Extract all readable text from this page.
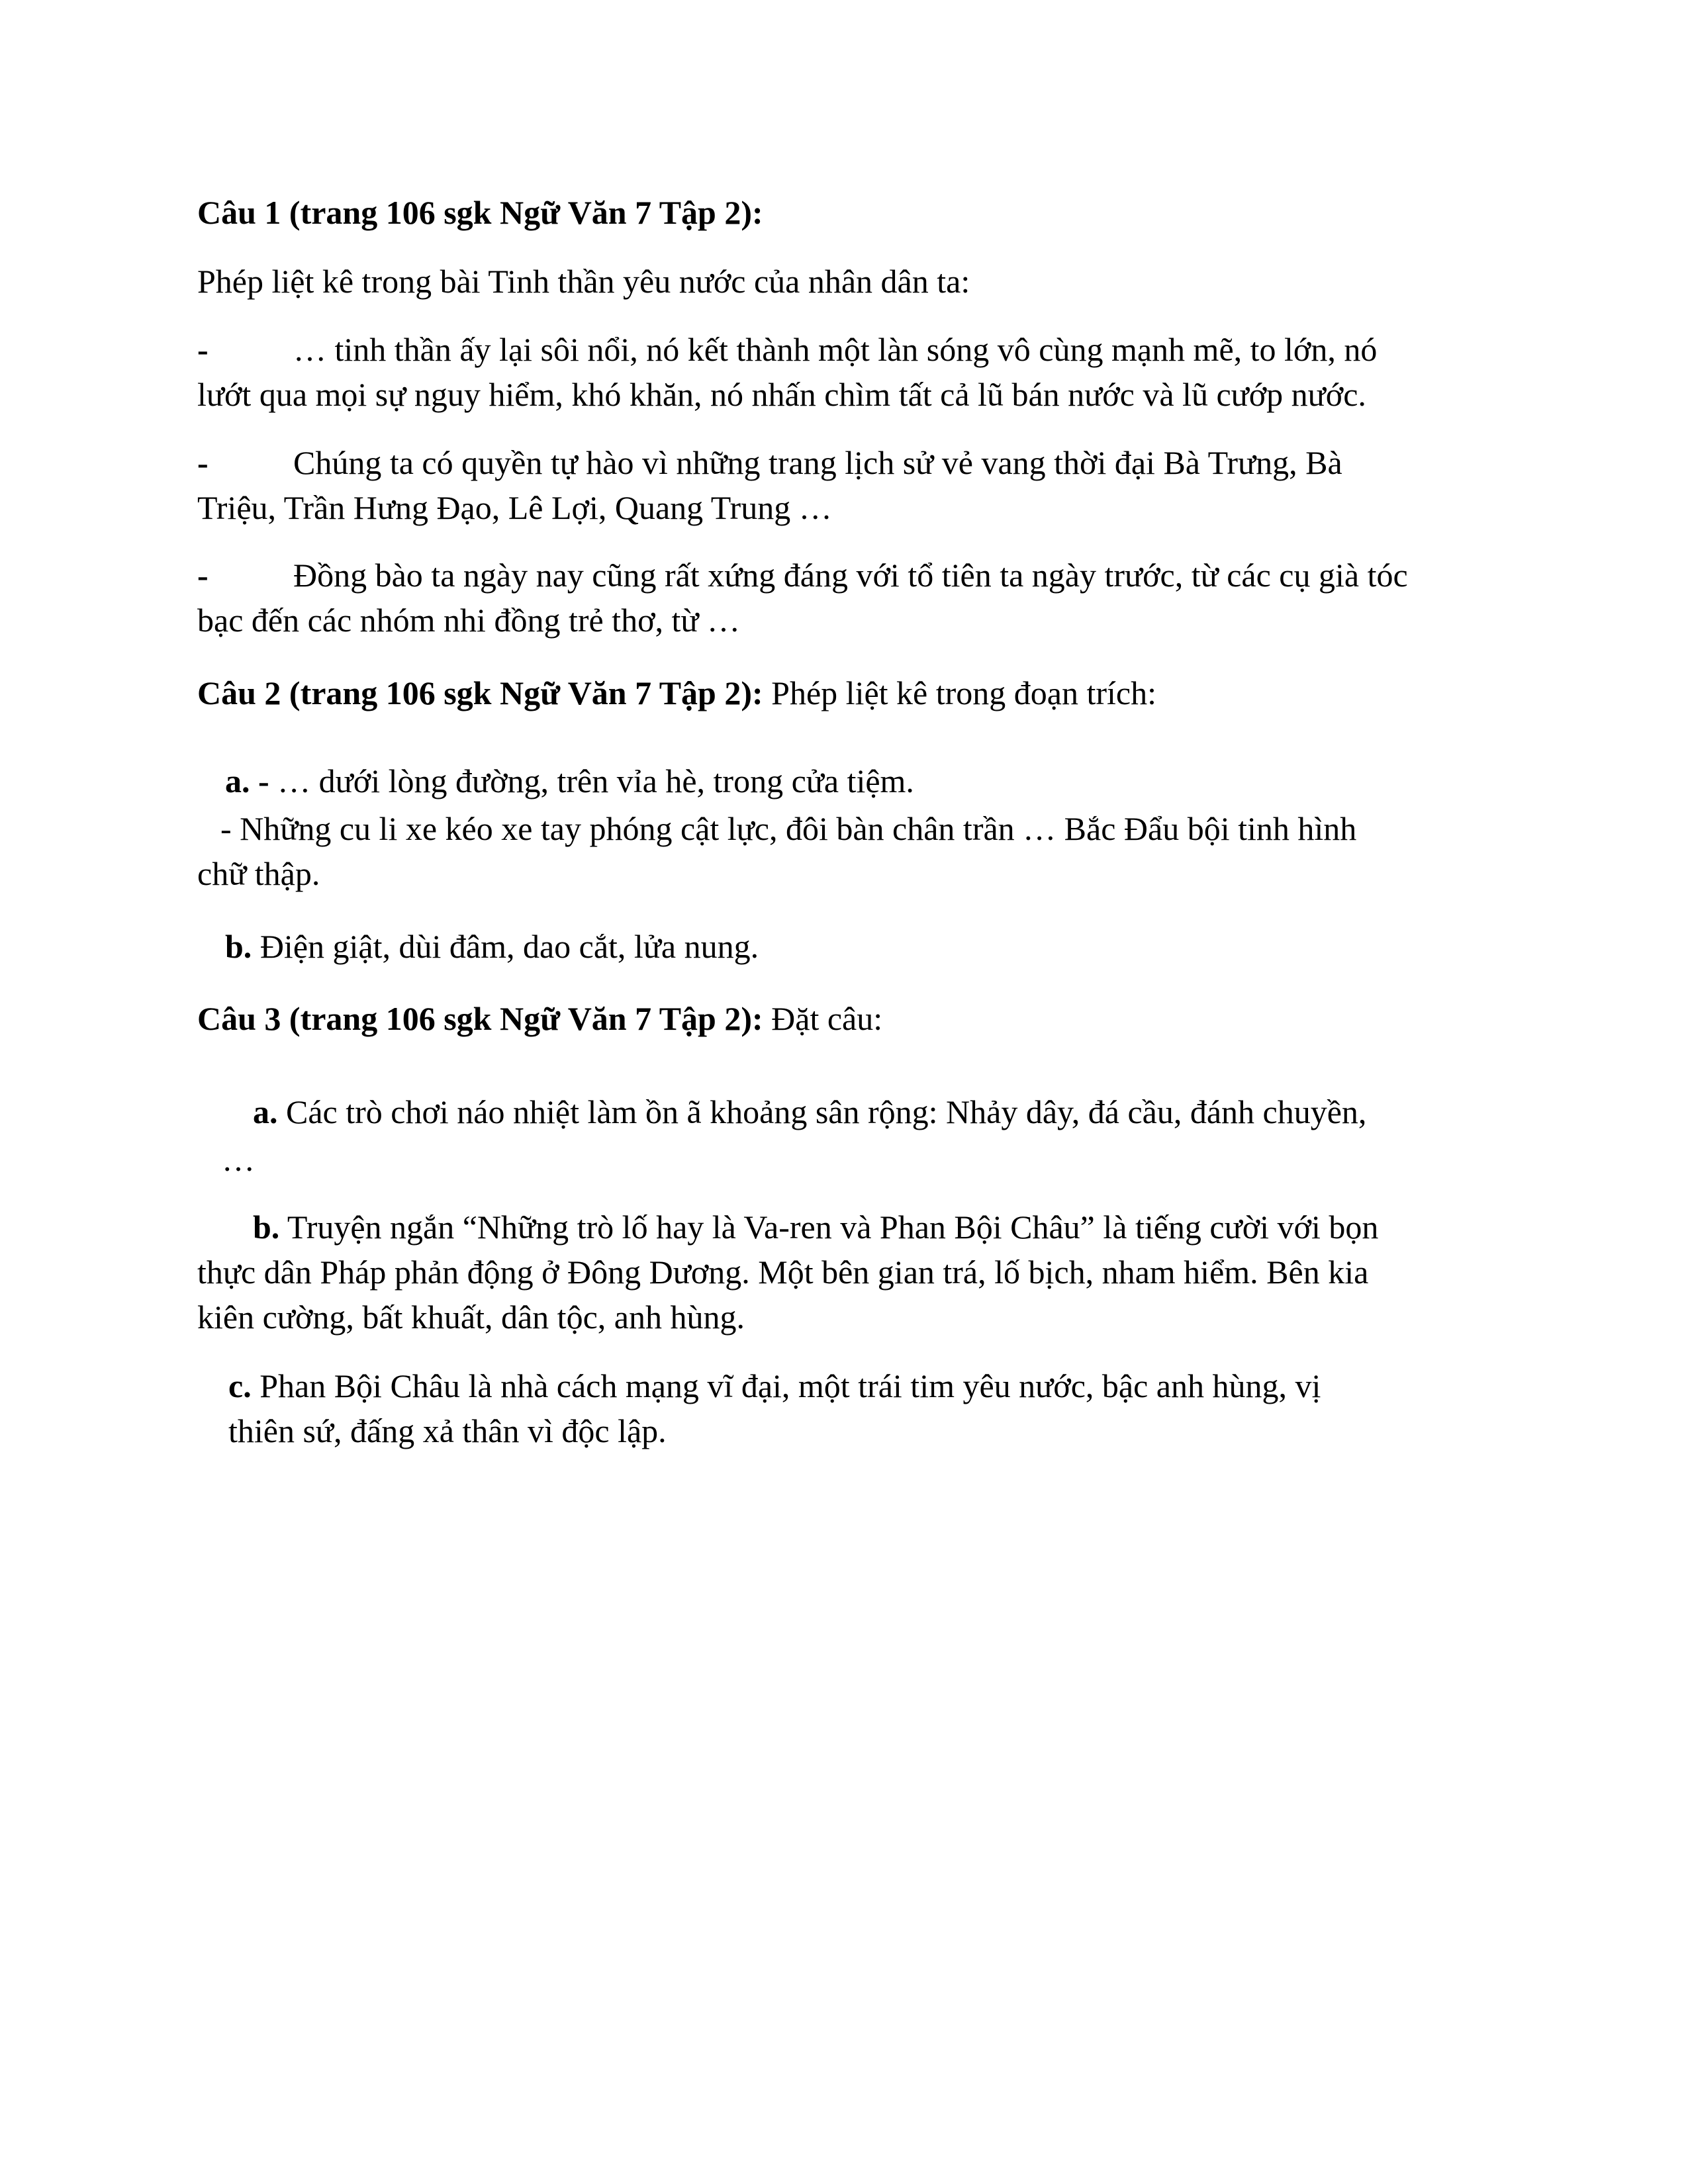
Câu 1 (trang 106 sgk Ngữ Văn 7 Tập 2):

Phép liệt kê trong bài Tinh thần yêu nước của nhân dân ta:

-	… tinh thần ấy lại sôi nổi, nó kết thành một làn sóng vô cùng mạnh mẽ, to lớn, nó
lướt qua mọi sự nguy hiểm, khó khăn, nó nhấn chìm tất cả lũ bán nước và lũ cướp nước.
-	Chúng ta có quyền tự hào vì những trang lịch sử vẻ vang thời đại Bà Trưng, Bà
Triệu, Trần Hưng Đạo, Lê Lợi, Quang Trung …
-	Đồng bào ta ngày nay cũng rất xứng đáng với tổ tiên ta ngày trước, từ các cụ già tóc
bạc đến các nhóm nhi đồng trẻ thơ, từ …

Câu 2 (trang 106 sgk Ngữ Văn 7 Tập 2): Phép liệt kê trong đoạn trích:

a. - … dưới lòng đường, trên vỉa hè, trong cửa tiệm.

- Những cu li xe kéo xe tay phóng cật lực, đôi bàn chân trần … Bắc Đẩu bội tinh hình

chữ thập.

b. Điện giật, dùi đâm, dao cắt, lửa nung.

Câu 3 (trang 106 sgk Ngữ Văn 7 Tập 2): Đặt câu:

a. Các trò chơi náo nhiệt làm ồn ã khoảng sân rộng: Nhảy dây, đá cầu, đánh chuyền,

…

b. Truyện ngắn “Những trò lố hay là Va-ren và Phan Bội Châu” là tiếng cười với bọn

thực dân Pháp phản động ở Đông Dương. Một bên gian trá, lố bịch, nham hiểm. Bên kia

kiên cường, bất khuất, dân tộc, anh hùng.

c. Phan Bội Châu là nhà cách mạng vĩ đại, một trái tim yêu nước, bậc anh hùng, vị

thiên sứ, đấng xả thân vì độc lập.
